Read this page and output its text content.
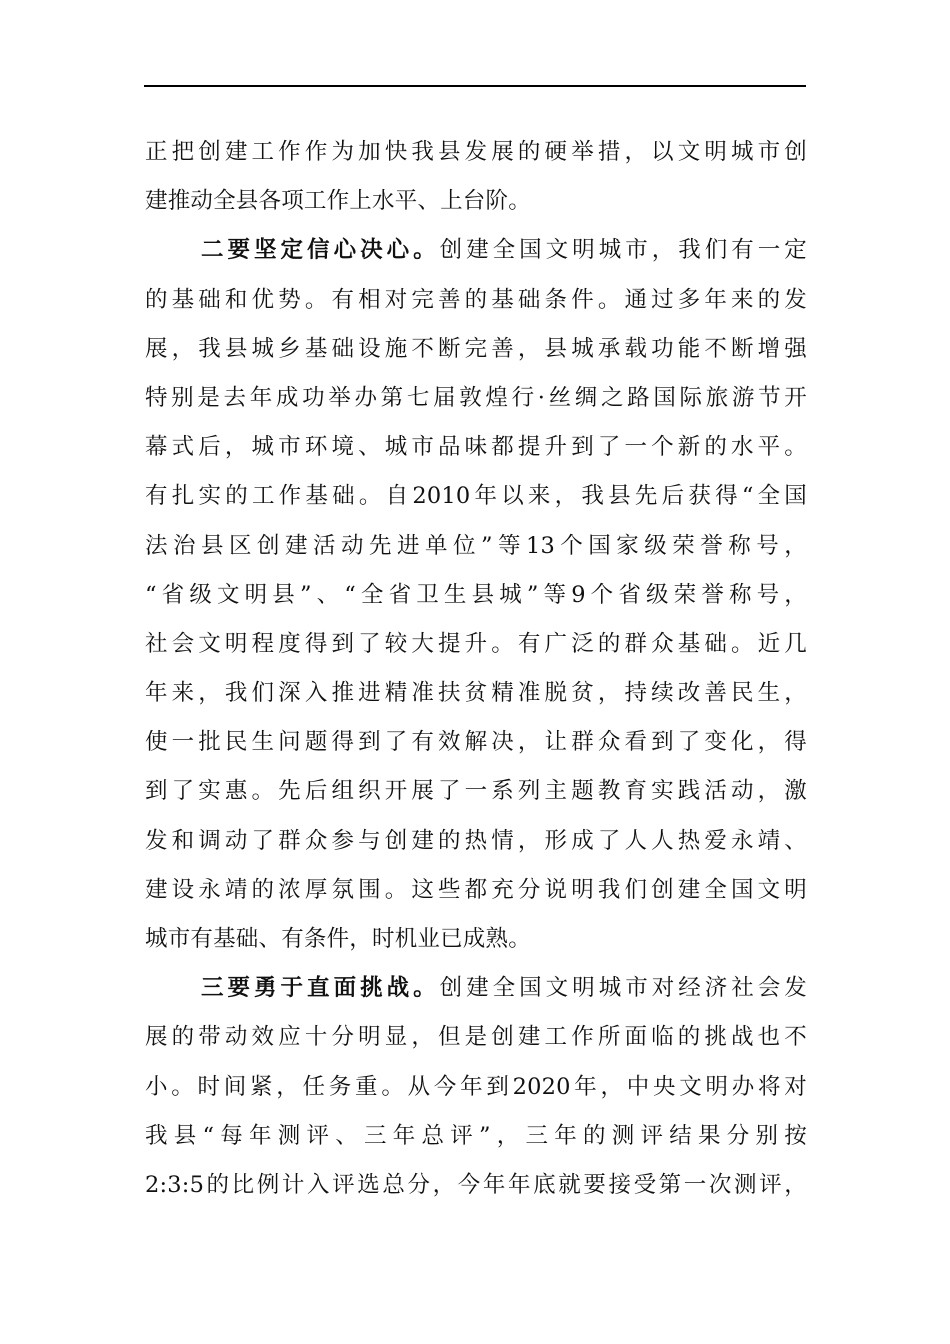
正把创建工作作为加快我县发展的硬举措，以文明城市创
建推动全县各项工作上水平、上台阶。
二要坚定信心决心。创建全国文明城市，我们有一定
的基础和优势。有相对完善的基础条件。通过多年来的发
展，我县城乡基础设施不断完善，县城承载功能不断增强
特别是去年成功举办第七届敦煌行·丝绸之路国际旅游节开
幕式后，城市环境、城市品味都提升到了一个新的水平。
有扎实的工作基础。自2010年以来，我县先后获得“全国
法治县区创建活动先进单位”等13个国家级荣誉称号，
“省级文明县”、“全省卫生县城”等9个省级荣誉称号，
社会文明程度得到了较大提升。有广泛的群众基础。近几
年来，我们深入推进精准扶贫精准脱贫，持续改善民生，
使一批民生问题得到了有效解决，让群众看到了变化，得
到了实惠。先后组织开展了一系列主题教育实践活动，激
发和调动了群众参与创建的热情，形成了人人热爱永靖、
建设永靖的浓厚氛围。这些都充分说明我们创建全国文明
城市有基础、有条件，时机业已成熟。
三要勇于直面挑战。创建全国文明城市对经济社会发
展的带动效应十分明显，但是创建工作所面临的挑战也不
小。时间紧，任务重。从今年到2020年，中央文明办将对
我县“每年测评、三年总评”，三年的测评结果分别按
2:3:5的比例计入评选总分，今年年底就要接受第一次测评，
